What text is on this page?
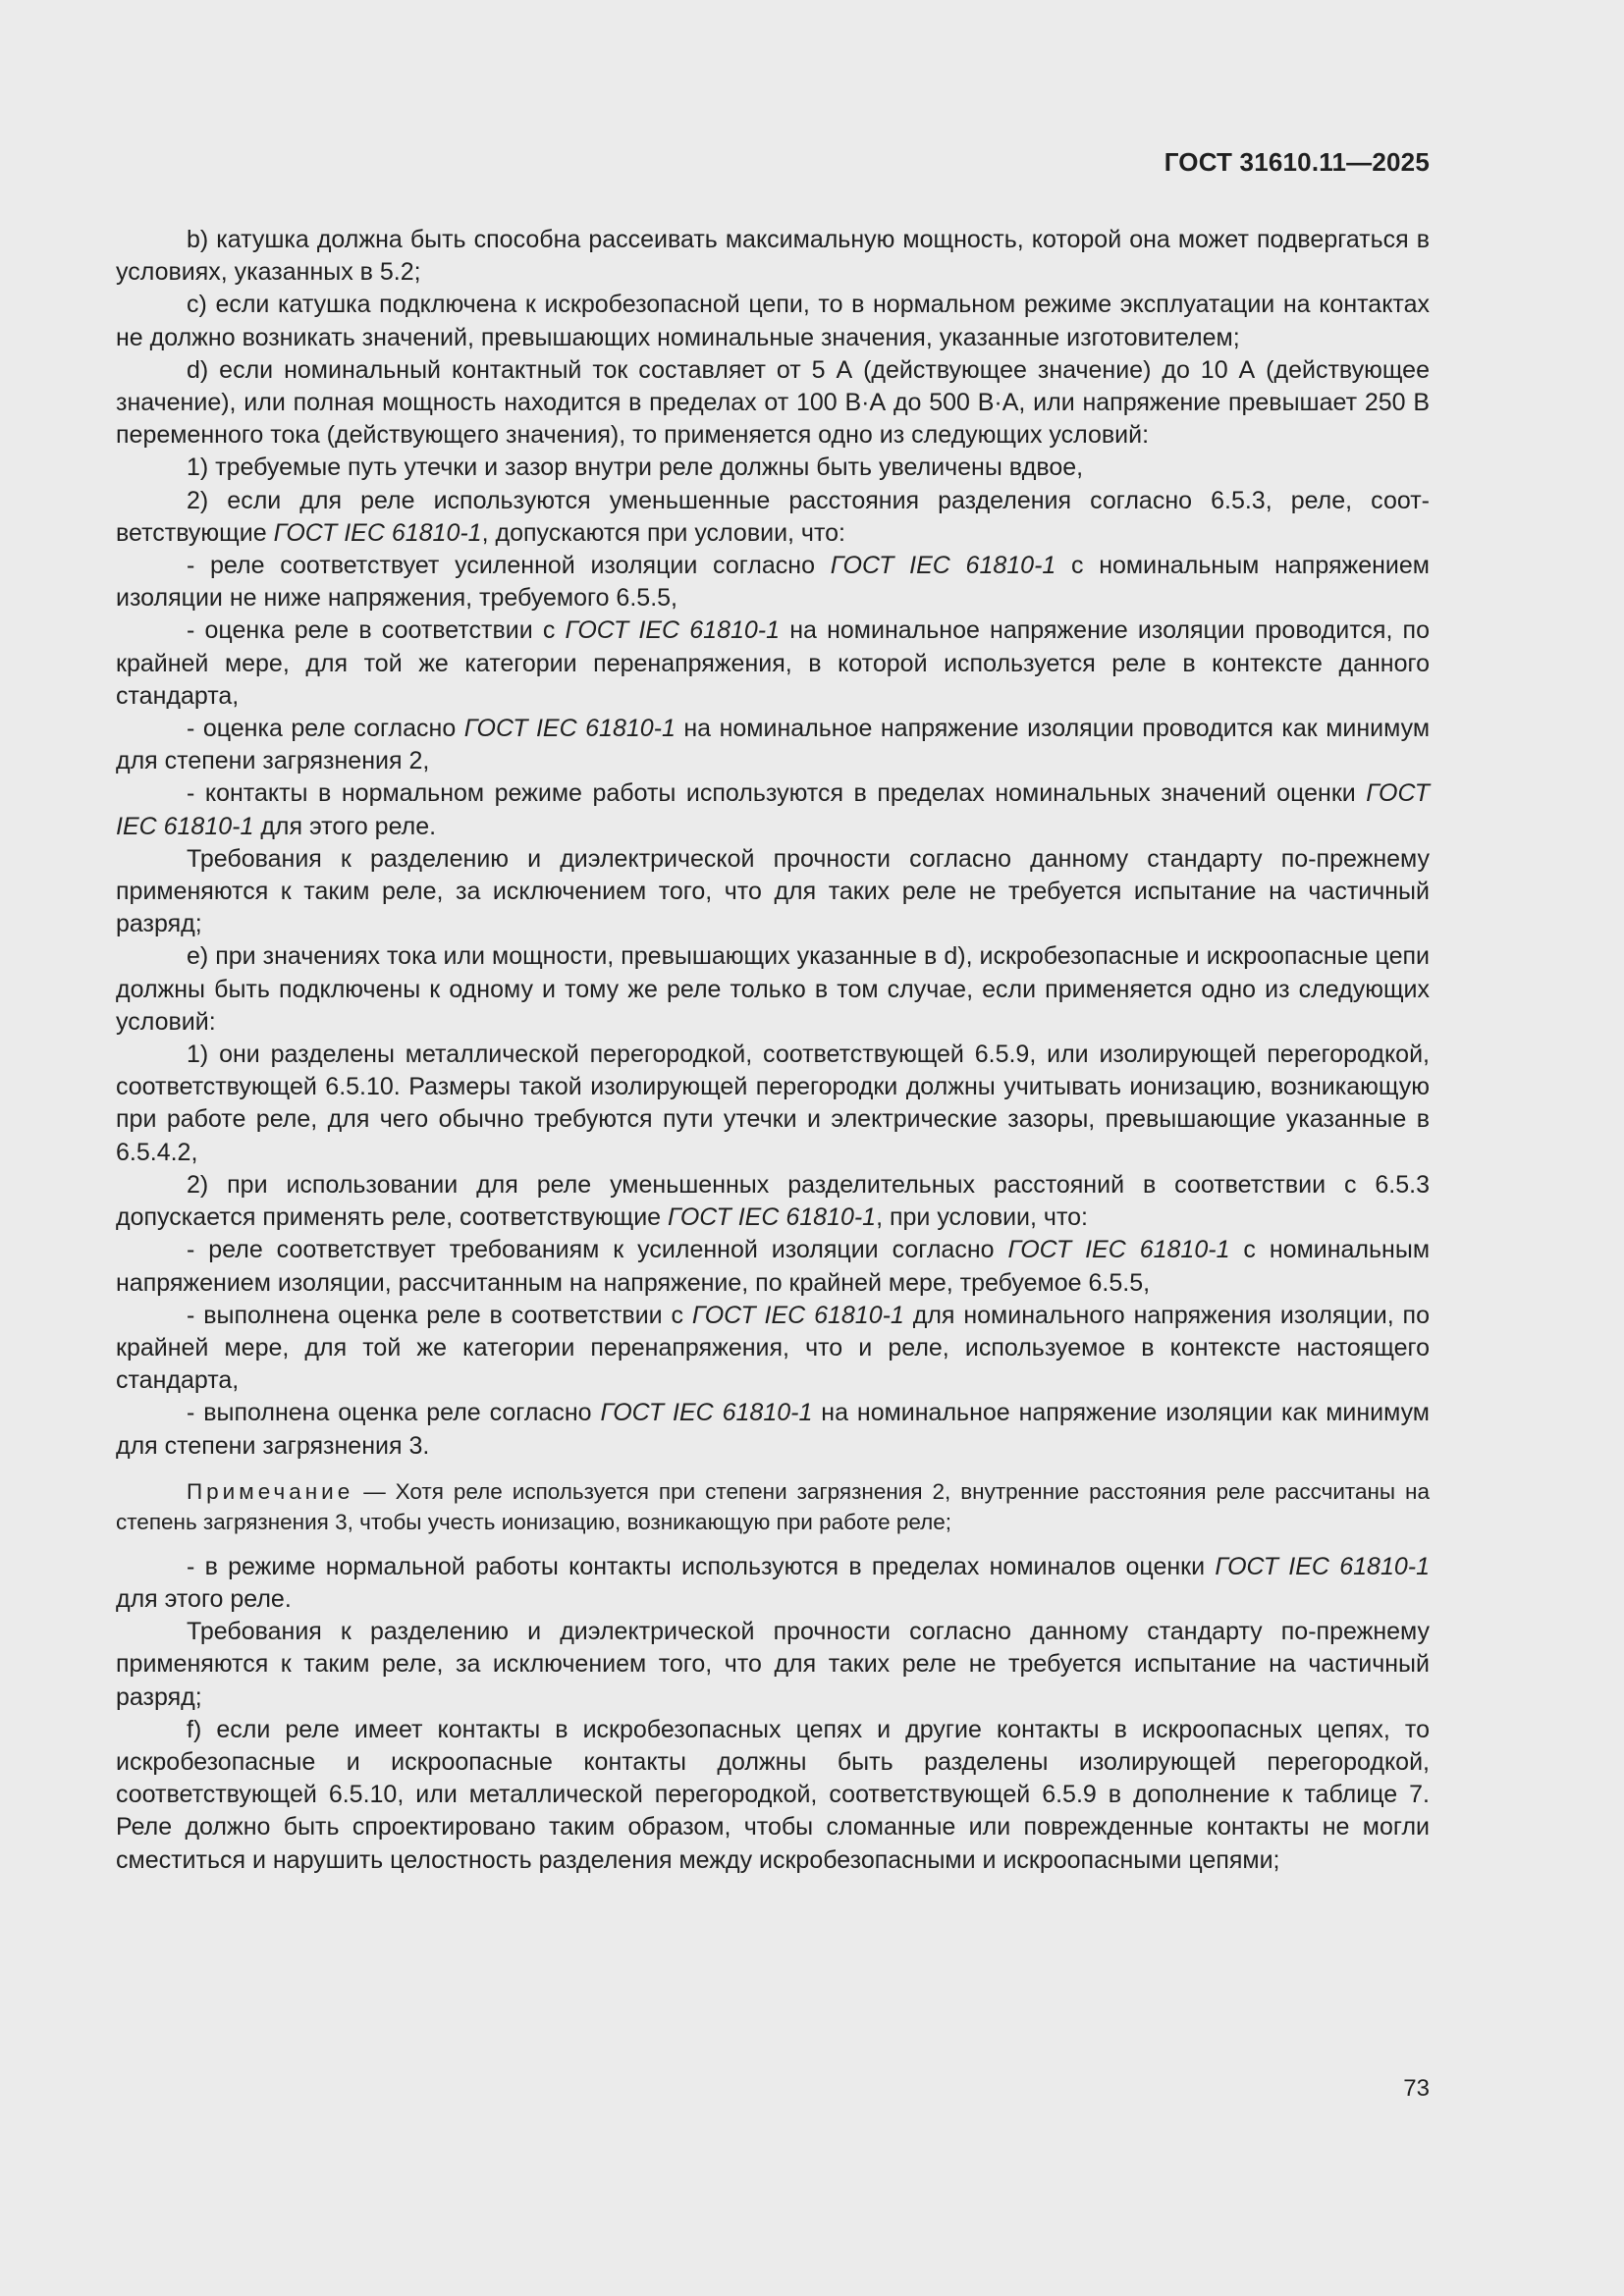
ГОСТ 31610.11—2025

b) катушка должна быть способна рассеивать максимальную мощность, которой она может подвергаться в условиях, указанных в 5.2;

c) если катушка подключена к искробезопасной цепи, то в нормальном режиме эксплуатации на контактах не должно возникать значений, превышающих номинальные значения, указанные изготовителем;

d) если номинальный контактный ток составляет от 5 А (действующее значение) до 10 А (действующее значение), или полная мощность находится в пределах от 100 В·А до 500 В·А, или напряжение превышает 250 В переменного тока (действующего значения), то применяется одно из следующих условий:

1) требуемые путь утечки и зазор внутри реле должны быть увеличены вдвое,

2) если для реле используются уменьшенные расстояния разделения согласно 6.5.3, реле, соответствующие ГОСТ IEC 61810-1, допускаются при условии, что:

- реле соответствует усиленной изоляции согласно ГОСТ IEC 61810-1 с номинальным напряжением изоляции не ниже напряжения, требуемого 6.5.5,

- оценка реле в соответствии с ГОСТ IEC 61810-1 на номинальное напряжение изоляции проводится, по крайней мере, для той же категории перенапряжения, в которой используется реле в контексте данного стандарта,

- оценка реле согласно ГОСТ IEC 61810-1 на номинальное напряжение изоляции проводится как минимум для степени загрязнения 2,

- контакты в нормальном режиме работы используются в пределах номинальных значений оценки ГОСТ IEC 61810-1 для этого реле.

Требования к разделению и диэлектрической прочности согласно данному стандарту по-прежнему применяются к таким реле, за исключением того, что для таких реле не требуется испытание на частичный разряд;

e) при значениях тока или мощности, превышающих указанные в d), искробезопасные и искроопасные цепи должны быть подключены к одному и тому же реле только в том случае, если применяется одно из следующих условий:

1) они разделены металлической перегородкой, соответствующей 6.5.9, или изолирующей перегородкой, соответствующей 6.5.10. Размеры такой изолирующей перегородки должны учитывать ионизацию, возникающую при работе реле, для чего обычно требуются пути утечки и электрические зазоры, превышающие указанные в 6.5.4.2,

2) при использовании для реле уменьшенных разделительных расстояний в соответствии с 6.5.3 допускается применять реле, соответствующие ГОСТ IEC 61810-1, при условии, что:

- реле соответствует требованиям к усиленной изоляции согласно ГОСТ IEC 61810-1 с номинальным напряжением изоляции, рассчитанным на напряжение, по крайней мере, требуемое 6.5.5,

- выполнена оценка реле в соответствии с ГОСТ IEC 61810-1 для номинального напряжения изоляции, по крайней мере, для той же категории перенапряжения, что и реле, используемое в контексте настоящего стандарта,

- выполнена оценка реле согласно ГОСТ IEC 61810-1 на номинальное напряжение изоляции как минимум для степени загрязнения 3.

Примечание — Хотя реле используется при степени загрязнения 2, внутренние расстояния реле рассчитаны на степень загрязнения 3, чтобы учесть ионизацию, возникающую при работе реле;

- в режиме нормальной работы контакты используются в пределах номиналов оценки ГОСТ IEC 61810-1 для этого реле.

Требования к разделению и диэлектрической прочности согласно данному стандарту по-прежнему применяются к таким реле, за исключением того, что для таких реле не требуется испытание на частичный разряд;

f) если реле имеет контакты в искробезопасных цепях и другие контакты в искроопасных цепях, то искробезопасные и искроопасные контакты должны быть разделены изолирующей перегородкой, соответствующей 6.5.10, или металлической перегородкой, соответствующей 6.5.9 в дополнение к таблице 7. Реле должно быть спроектировано таким образом, чтобы сломанные или поврежденные контакты не могли сместиться и нарушить целостность разделения между искробезопасными и искроопасными цепями;

73
